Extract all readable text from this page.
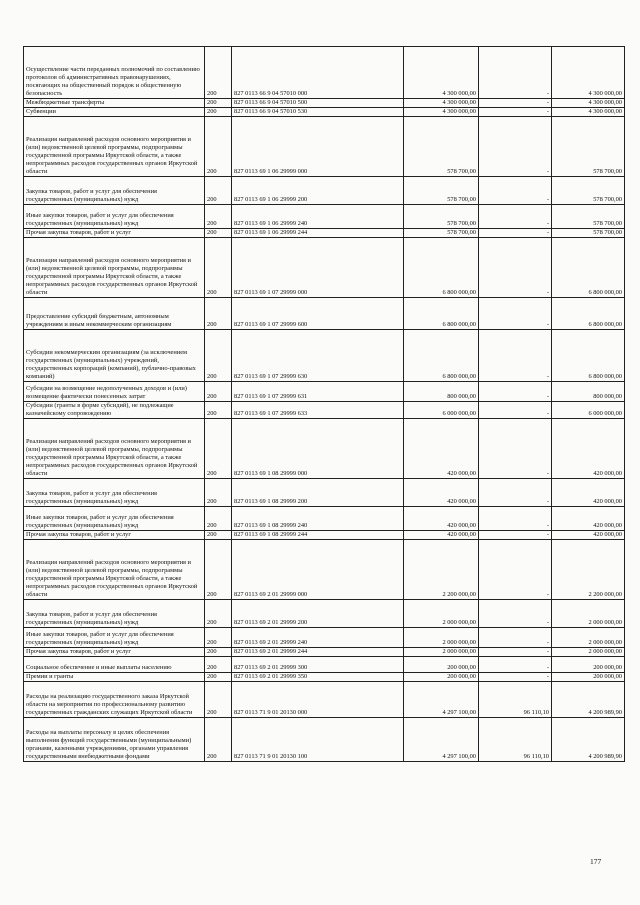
Осуществление части переданных полномочий по составлению протоколов об административных правонарушениях, посягающих на общественный порядок и общественную безопасность	200	827 0113 66 9 04 57010 000	4 300 000,00	-	4 300 000,00
Межбюджетные трансферты	200	827 0113 66 9 04 57010 500	4 300 000,00	-	4 300 000,00
Субвенции	200	827 0113 66 9 04 57010 530	4 300 000,00	-	4 300 000,00
Реализация направлений расходов основного мероприятия и (или) ведомственной целевой программы, подпрограммы государственной программы Иркутской области, а также непрограммных расходов государственных органов Иркутской области	200	827 0113 69 1 06 29999 000	578 700,00	-	578 700,00
Закупка товаров, работ и услуг для обеспечения государственных (муниципальных) нужд	200	827 0113 69 1 06 29999 200	578 700,00	-	578 700,00
Иные закупки товаров, работ и услуг для обеспечения государственных (муниципальных) нужд	200	827 0113 69 1 06 29999 240	578 700,00	-	578 700,00
Прочая закупка товаров, работ и услуг	200	827 0113 69 1 06 29999 244	578 700,00	-	578 700,00
Реализация направлений расходов основного мероприятия и (или) ведомственной целевой программы, подпрограммы государственной программы Иркутской области, а также непрограммных расходов государственных органов Иркутской области	200	827 0113 69 1 07 29999 000	6 800 000,00	-	6 800 000,00
Предоставление субсидий бюджетным, автономным учреждениям и иным некоммерческим организациям	200	827 0113 69 1 07 29999 600	6 800 000,00	-	6 800 000,00
Субсидии некоммерческим организациям (за исключением государственных (муниципальных) учреждений, государственных корпораций (компаний), публично-правовых компаний)	200	827 0113 69 1 07 29999 630	6 800 000,00	-	6 800 000,00
Субсидии на возмещение недополученных доходов и (или) возмещение фактически понесенных затрат	200	827 0113 69 1 07 29999 631	800 000,00	-	800 000,00
Субсидии (гранты в форме субсидий), не подлежащие казначейскому сопровождению	200	827 0113 69 1 07 29999 633	6 000 000,00	-	6 000 000,00
Реализация направлений расходов основного мероприятия и (или) ведомственной целевой программы, подпрограммы государственной программы Иркутской области, а также непрограммных расходов государственных органов Иркутской области	200	827 0113 69 1 08 29999 000	420 000,00	-	420 000,00
Закупка товаров, работ и услуг для обеспечения государственных (муниципальных) нужд	200	827 0113 69 1 08 29999 200	420 000,00	-	420 000,00
Иные закупки товаров, работ и услуг для обеспечения государственных (муниципальных) нужд	200	827 0113 69 1 08 29999 240	420 000,00	-	420 000,00
Прочая закупка товаров, работ и услуг	200	827 0113 69 1 08 29999 244	420 000,00	-	420 000,00
Реализация направлений расходов основного мероприятия и (или) ведомственной целевой программы, подпрограммы государственной программы Иркутской области, а также непрограммных расходов государственных органов Иркутской области	200	827 0113 69 2 01 29999 000	2 200 000,00	-	2 200 000,00
Закупка товаров, работ и услуг для обеспечения государственных (муниципальных) нужд	200	827 0113 69 2 01 29999 200	2 000 000,00	-	2 000 000,00
Иные закупки товаров, работ и услуг для обеспечения государственных (муниципальных) нужд	200	827 0113 69 2 01 29999 240	2 000 000,00	-	2 000 000,00
Прочая закупка товаров, работ и услуг	200	827 0113 69 2 01 29999 244	2 000 000,00	-	2 000 000,00
Социальное обеспечение и иные выплаты населению	200	827 0113 69 2 01 29999 300	200 000,00	-	200 000,00
Премии и гранты	200	827 0113 69 2 01 29999 350	200 000,00	-	200 000,00
Расходы на реализацию государственного заказа Иркутской области на мероприятия по профессиональному развитию государственных гражданских служащих Иркутской области	200	827 0113 71 9 01 20130 000	4 297 100,00	96 110,10	4 200 989,90
Расходы на выплаты персоналу в целях обеспечения выполнения функций государственными (муниципальными) органами, казенными учреждениями, органами управления государственными внебюджетными фондами	200	827 0113 71 9 01 20130 100	4 297 100,00	96 110,10	4 200 989,90
177
